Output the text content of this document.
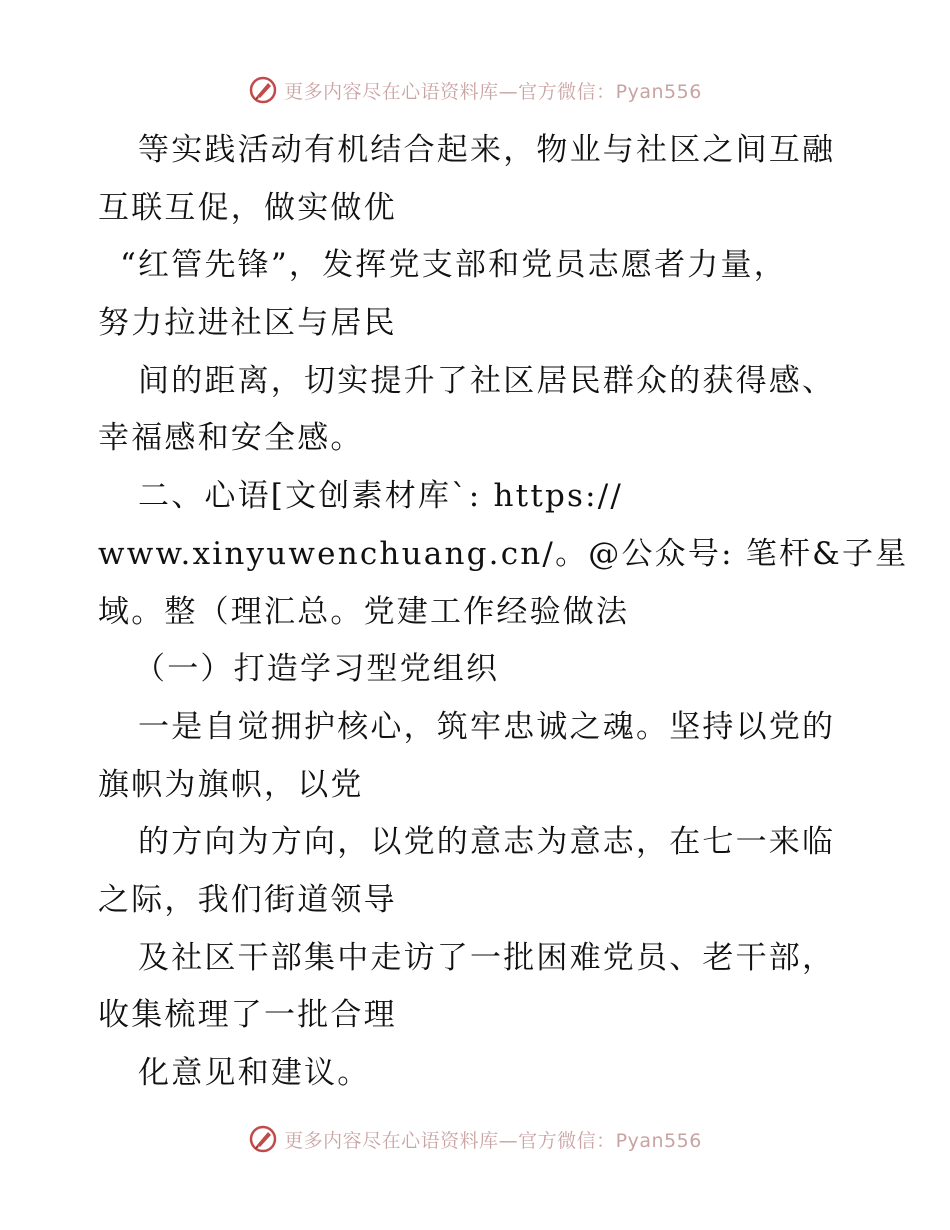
更多内容尽在心语资料库—官方微信：Pyan556
等实践活动有机结合起来，物业与社区之间互融
互联互促，做实做优
“红管先锋”，发挥党支部和党员志愿者力量，
努力拉进社区与居民
间的距离，切实提升了社区居民群众的获得感、
幸福感和安全感。
二、心语[文创素材库`: https://
www.xinyuwenchuang.cn/。@公众号: 笔杆&子星
域。整（理汇总。党建工作经验做法
（一）打造学习型党组织
一是自觉拥护核心，筑牢忠诚之魂。坚持以党的
旗帜为旗帜，以党
的方向为方向，以党的意志为意志，在七一来临
之际，我们街道领导
及社区干部集中走访了一批困难党员、老干部，
收集梳理了一批合理
化意见和建议。
更多内容尽在心语资料库—官方微信：Pyan556
